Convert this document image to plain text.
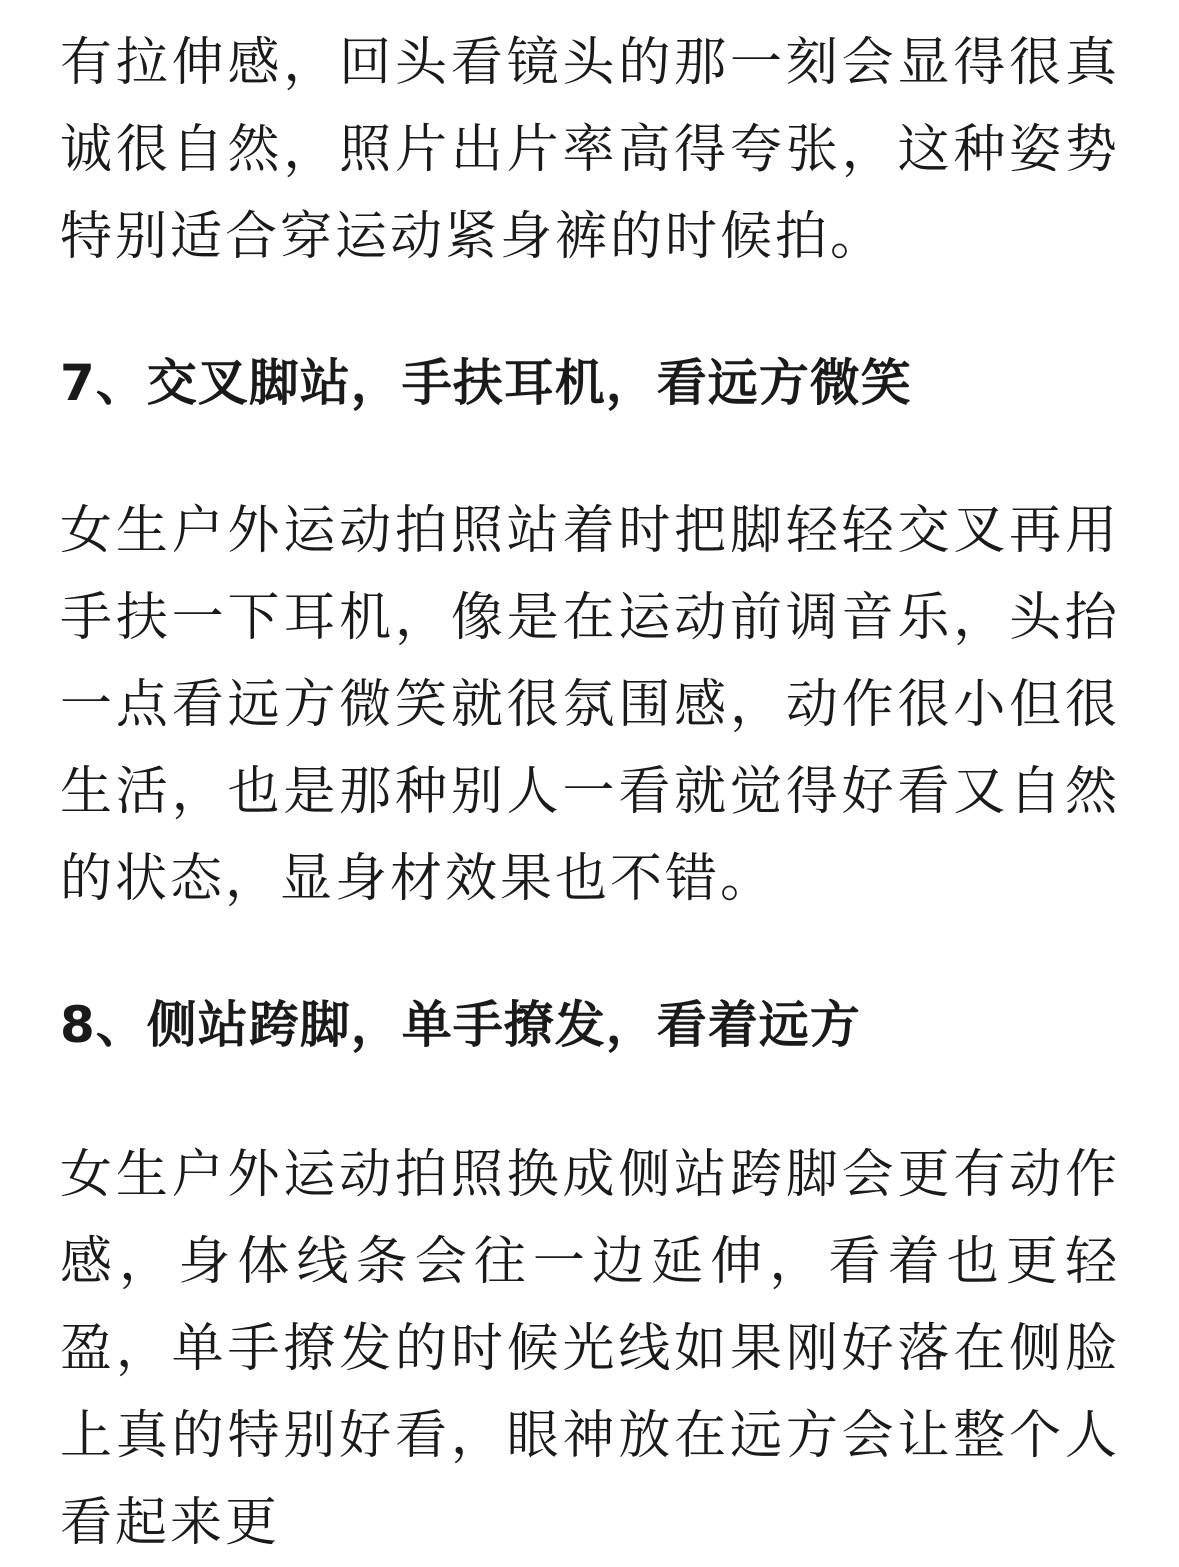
有拉伸感，回头看镜头的那一刻会显得很真诚很自然，照片出片率高得夸张，这种姿势特别适合穿运动紧身裤的时候拍。

7、交叉脚站，手扶耳机，看远方微笑

女生户外运动拍照站着时把脚轻轻交叉再用手扶一下耳机，像是在运动前调音乐，头抬一点看远方微笑就很氛围感，动作很小但很生活，也是那种别人一看就觉得好看又自然的状态，显身材效果也不错。

8、侧站跨脚，单手撩发，看着远方

女生户外运动拍照换成侧站跨脚会更有动作感，身体线条会往一边延伸，看着也更轻盈，单手撩发的时候光线如果刚好落在侧脸上真的特别好看，眼神放在远方会让整个人看起来更
